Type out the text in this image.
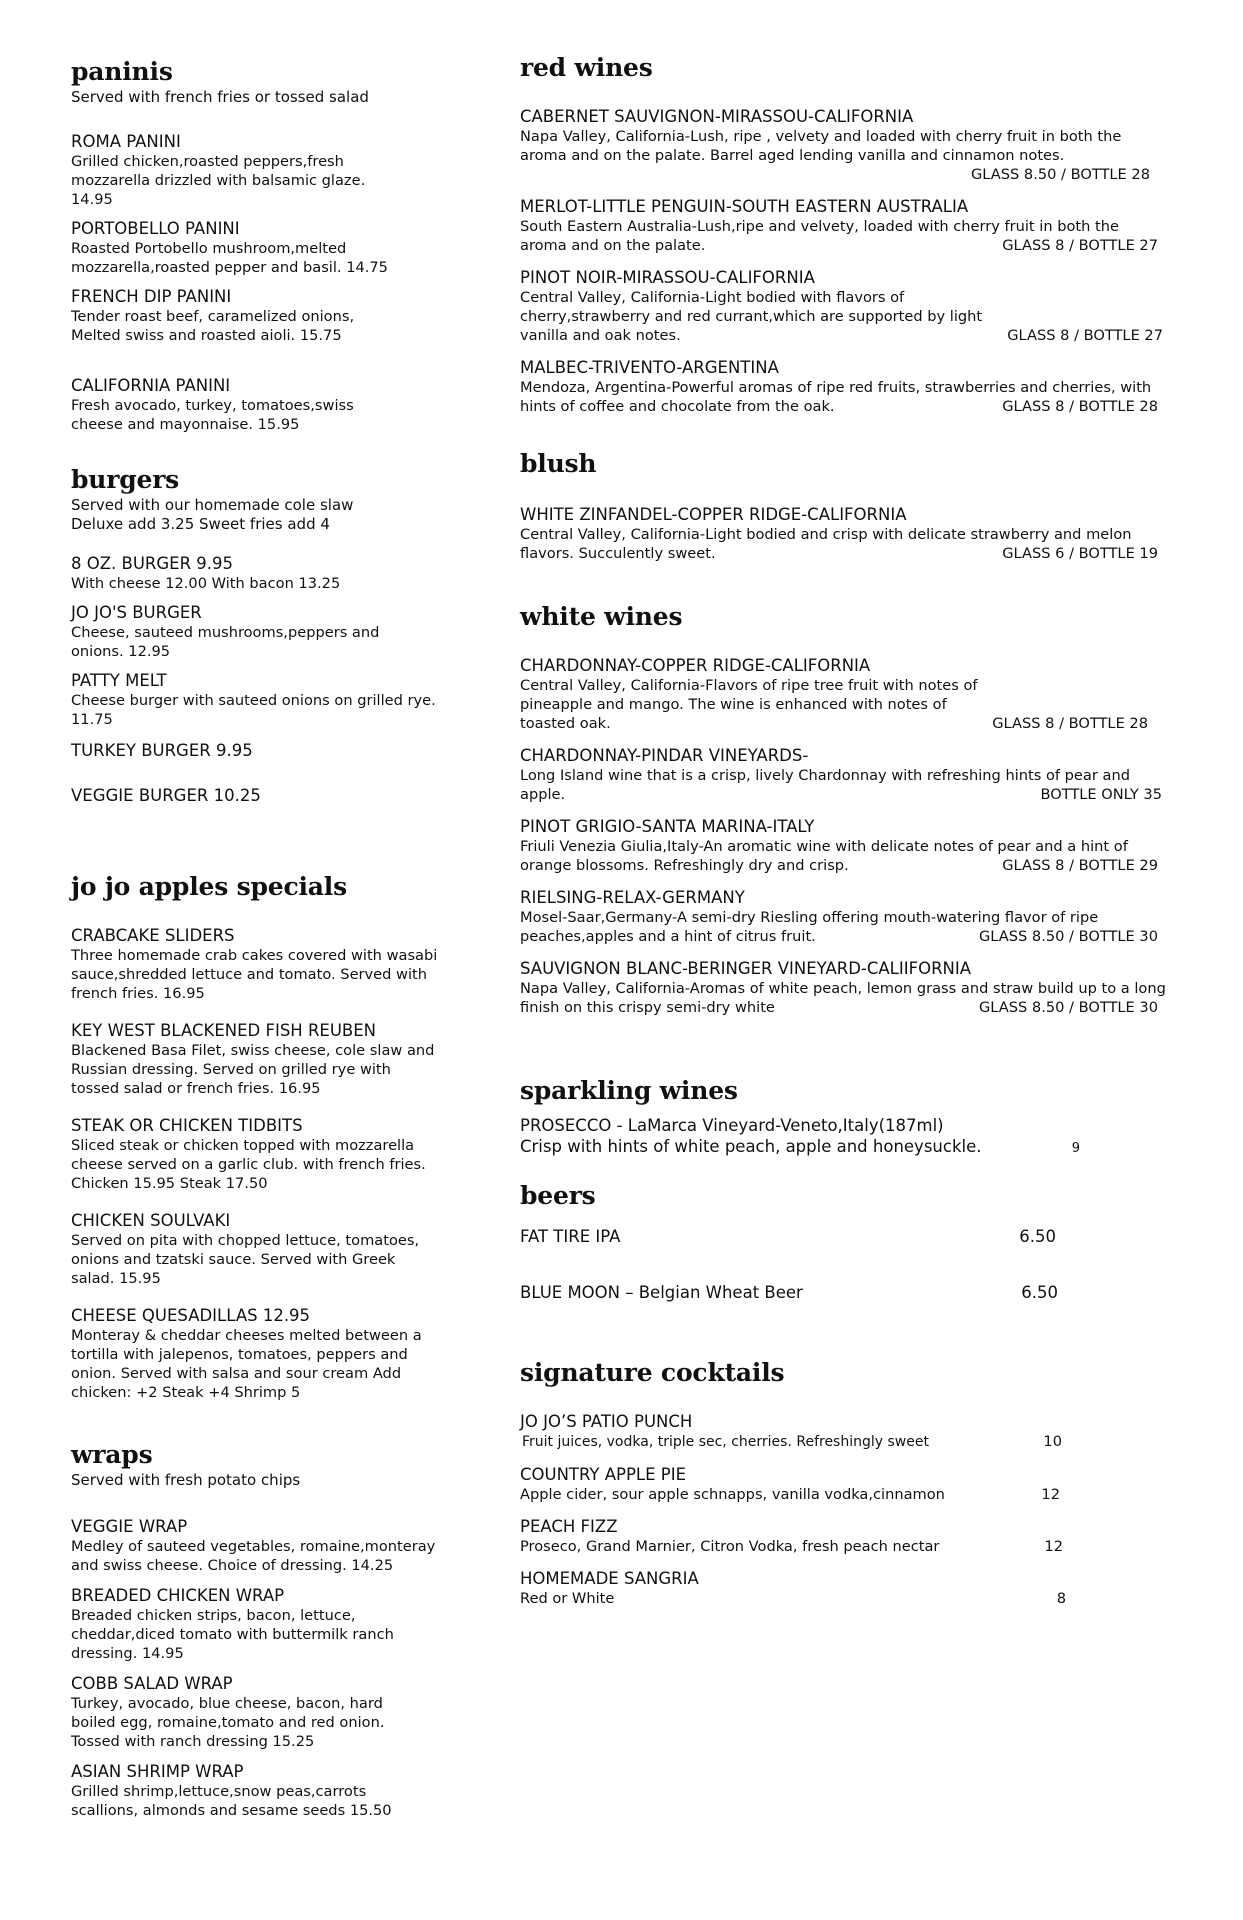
paninis

Served with french fries or tossed salad

ROMA PANINI
Grilled chicken,roasted peppers,fresh mozzarella drizzled with balsamic glaze. 14.95
PORTOBELLO PANINI
Roasted Portobello mushroom,melted mozzarella,roasted pepper and basil. 14.75
FRENCH DIP PANINI
Tender roast beef, caramelized onions, Melted swiss and roasted aioli. 15.75
CALIFORNIA PANINI
Fresh avocado, turkey, tomatoes,swiss cheese and mayonnaise. 15.95
burgers

Served with our homemade cole slaw

Deluxe add 3.25 Sweet fries add 4

8 OZ. BURGER 9.95
With cheese 12.00 With bacon 13.25
JO JO'S BURGER
Cheese, sauteed mushrooms,peppers and onions. 12.95
PATTY MELT
Cheese burger with sauteed onions on grilled rye. 11.75
TURKEY BURGER 9.95
VEGGIE BURGER 10.25
jo jo apples specials
CRABCAKE SLIDERS
Three homemade crab cakes covered with wasabi sauce,shredded lettuce and tomato. Served with french fries. 16.95
KEY WEST BLACKENED FISH REUBEN
Blackened Basa Filet, swiss cheese, cole slaw and Russian dressing. Served on grilled rye with tossed salad or french fries. 16.95
STEAK OR CHICKEN TIDBITS
Sliced steak or chicken topped with mozzarella cheese served on a garlic club. with french fries. Chicken 15.95 Steak 17.50
CHICKEN SOULVAKI
Served on pita with chopped lettuce, tomatoes, onions and tzatski sauce. Served with Greek salad. 15.95
CHEESE QUESADILLAS 12.95
Monteray & cheddar cheeses melted between a tortilla with jalepenos, tomatoes, peppers and onion. Served with salsa and sour cream Add chicken: +2 Steak +4 Shrimp 5
wraps

Served with fresh potato chips

VEGGIE WRAP
Medley of sauteed vegetables, romaine,monteray and swiss cheese. Choice of dressing. 14.25
BREADED CHICKEN WRAP
Breaded chicken strips, bacon, lettuce, cheddar,diced tomato with buttermilk ranch dressing. 14.95
COBB SALAD WRAP
Turkey, avocado, blue cheese, bacon, hard boiled egg, romaine,tomato and red onion. Tossed with ranch dressing 15.25
ASIAN SHRIMP WRAP
Grilled shrimp,lettuce,snow peas,carrots scallions, almonds and sesame seeds 15.50
red wines
CABERNET SAUVIGNON-MIRASSOU-CALIFORNIA
Napa Valley, California-Lush, ripe , velvety and loaded with cherry fruit in both the aroma and on the palate. Barrel aged lending vanilla and cinnamon notes.
GLASS 8.50 / BOTTLE 28
MERLOT-LITTLE PENGUIN-SOUTH EASTERN AUSTRALIA
South Eastern Australia-Lush,ripe and velvety, loaded with cherry fruit in both the aroma and on the palate.	GLASS 8 / BOTTLE 27
PINOT NOIR-MIRASSOU-CALIFORNIA
Central Valley, California-Light bodied with flavors of cherry,strawberry and red currant,which are supported by light vanilla and oak notes.	GLASS 8 / BOTTLE 27
MALBEC-TRIVENTO-ARGENTINA
Mendoza, Argentina-Powerful aromas of ripe red fruits, strawberries and cherries, with hints of coffee and chocolate from the oak.	GLASS 8 / BOTTLE 28
blush
WHITE ZINFANDEL-COPPER RIDGE-CALIFORNIA
Central Valley, California-Light bodied and crisp with delicate strawberry and melon flavors. Succulently sweet.	GLASS 6 / BOTTLE 19
white wines
CHARDONNAY-COPPER RIDGE-CALIFORNIA
Central Valley, California-Flavors of ripe tree fruit with notes of pineapple and mango. The wine is enhanced with notes of toasted oak.	GLASS 8 / BOTTLE 28
CHARDONNAY-PINDAR VINEYARDS-
Long Island wine that is a crisp, lively Chardonnay with refreshing hints of pear and apple.	BOTTLE ONLY 35
PINOT GRIGIO-SANTA MARINA-ITALY
Friuli Venezia Giulia,Italy-An aromatic wine with delicate notes of pear and a hint of orange blossoms. Refreshingly dry and crisp.	GLASS 8 / BOTTLE 29
RIELSING-RELAX-GERMANY
Mosel-Saar,Germany-A semi-dry Riesling offering mouth-watering flavor of ripe peaches,apples and a hint of citrus fruit.	GLASS 8.50 / BOTTLE 30
SAUVIGNON BLANC-BERINGER VINEYARD-CALIIFORNIA
Napa Valley, California-Aromas of white peach, lemon grass and straw build up to a long finish on this crispy semi-dry white	GLASS 8.50 / BOTTLE 30
sparkling wines
PROSECCO - LaMarca Vineyard-Veneto,Italy(187ml)
Crisp with hints of white peach, apple and honeysuckle.	9
beers
FAT TIRE IPA	6.50
BLUE MOON – Belgian Wheat Beer	6.50
signature cocktails
JO JO’S PATIO PUNCH
Fruit juices, vodka, triple sec, cherries. Refreshingly sweet	10
COUNTRY APPLE PIE
Apple cider, sour apple schnapps, vanilla vodka,cinnamon	12
PEACH FIZZ
Proseco, Grand Marnier, Citron Vodka, fresh peach nectar	12
HOMEMADE SANGRIA
Red or White	8
